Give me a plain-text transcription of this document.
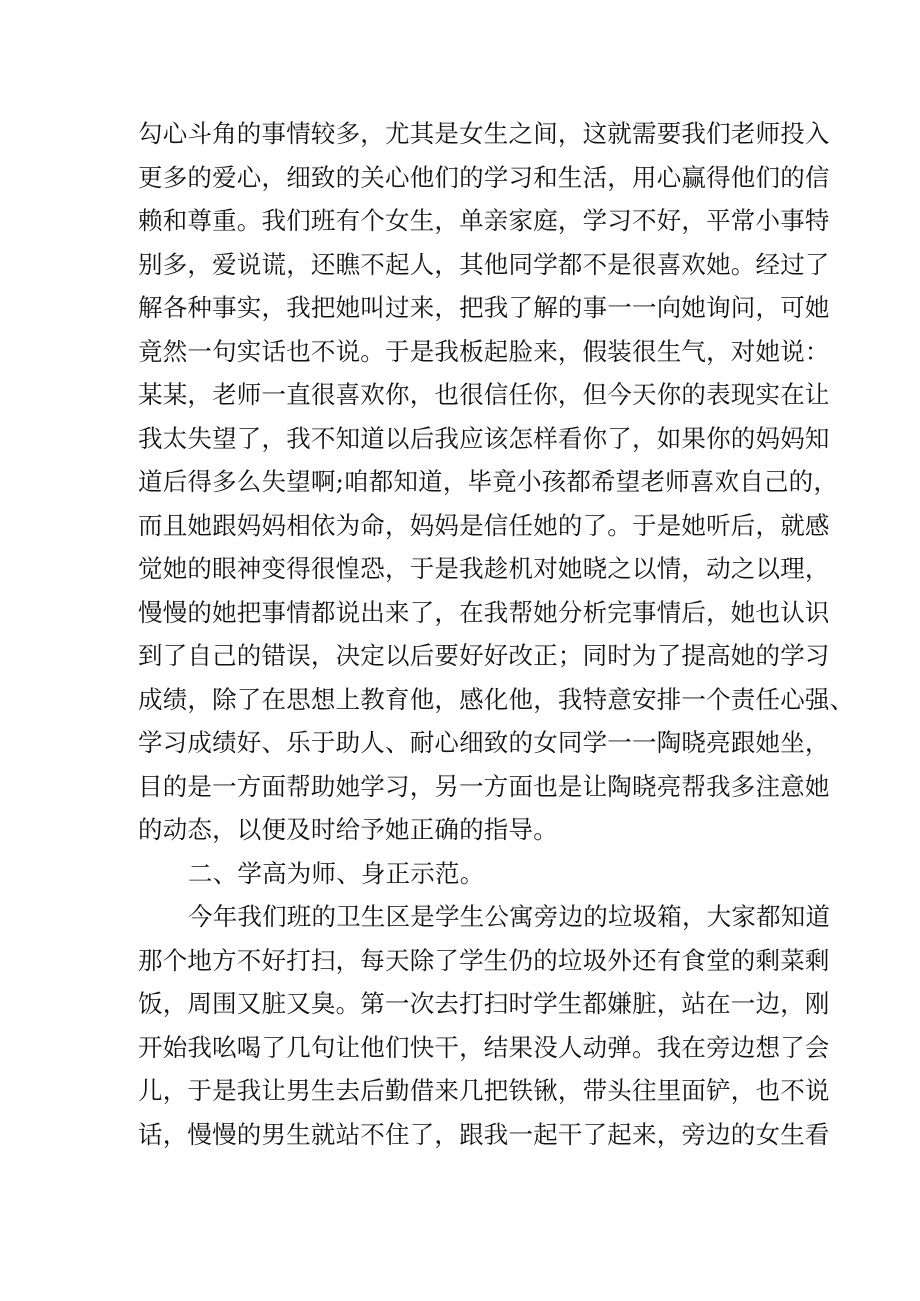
勾心斗角的事情较多，尤其是女生之间，这就需要我们老师投入
更多的爱心，细致的关心他们的学习和生活，用心赢得他们的信
赖和尊重。我们班有个女生，单亲家庭，学习不好，平常小事特
别多，爱说谎，还瞧不起人，其他同学都不是很喜欢她。经过了
解各种事实，我把她叫过来，把我了解的事一一向她询问，可她
竟然一句实话也不说。于是我板起脸来，假装很生气，对她说：
某某，老师一直很喜欢你，也很信任你，但今天你的表现实在让
我太失望了，我不知道以后我应该怎样看你了，如果你的妈妈知
道后得多么失望啊;咱都知道，毕竟小孩都希望老师喜欢自己的，
而且她跟妈妈相依为命，妈妈是信任她的了。于是她听后，就感
觉她的眼神变得很惶恐，于是我趁机对她晓之以情，动之以理，
慢慢的她把事情都说出来了，在我帮她分析完事情后，她也认识
到了自己的错误，决定以后要好好改正；同时为了提高她的学习
成绩，除了在思想上教育他，感化他，我特意安排一个责任心强、
学习成绩好、乐于助人、耐心细致的女同学一一陶晓亮跟她坐，
目的是一方面帮助她学习，另一方面也是让陶晓亮帮我多注意她
的动态，以便及时给予她正确的指导。
二、学高为师、身正示范。
今年我们班的卫生区是学生公寓旁边的垃圾箱，大家都知道
那个地方不好打扫，每天除了学生仍的垃圾外还有食堂的剩菜剩
饭，周围又脏又臭。第一次去打扫时学生都嫌脏，站在一边，刚
开始我吆喝了几句让他们快干，结果没人动弹。我在旁边想了会
儿，于是我让男生去后勤借来几把铁锹，带头往里面铲，也不说
话，慢慢的男生就站不住了，跟我一起干了起来，旁边的女生看
